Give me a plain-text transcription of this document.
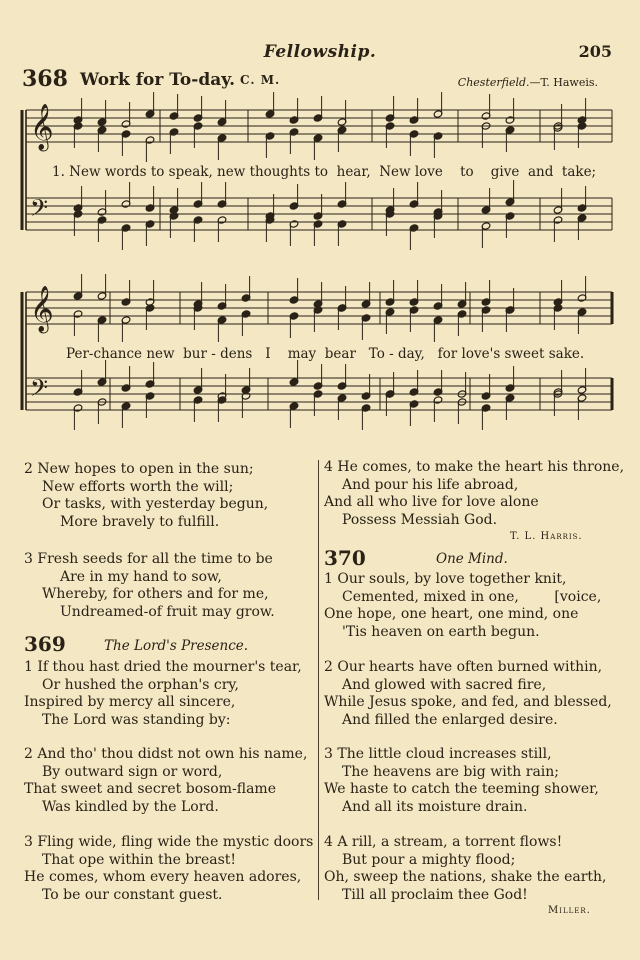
Fellowship.	205
368 Work for To-day. C. M.	Chesterfield.—T. Haweis.
𝄞
𝄢
𝄞
𝄢
1. New words to speak, new thoughts to  hear,  New love    to    give  and  take;
Per-chance new  bur - dens   I    may  bear   To - day,   for love's sweet sake.
2 New hopes to open in the sun;
New efforts worth the will;
Or tasks, with yesterday begun,
More bravely to fulfill.
3 Fresh seeds for all the time to be
Are in my hand to sow,
Whereby, for others and for me,
Undreamed-of fruit may grow.
369	The Lord's Presence.
1 If thou hast dried the mourner's tear,
Or hushed the orphan's cry,
Inspired by mercy all sincere,
The Lord was standing by:
2 And tho' thou didst not own his name,
By outward sign or word,
That sweet and secret bosom-flame
Was kindled by the Lord.
3 Fling wide, fling wide the mystic doors
That ope within the breast!
He comes, whom every heaven adores,
To be our constant guest.
4 He comes, to make the heart his throne,
And pour his life abroad,
And all who live for love alone
Possess Messiah God.
T. L. Harris.
370	One Mind.
1 Our souls, by love together knit,
Cemented, mixed in one,        [voice,
One hope, one heart, one mind, one
'Tis heaven on earth begun.
2 Our hearts have often burned within,
And glowed with sacred fire,
While Jesus spoke, and fed, and blessed,
And filled the enlarged desire.
3 The little cloud increases still,
The heavens are big with rain;
We haste to catch the teeming shower,
And all its moisture drain.
4 A rill, a stream, a torrent flows!
But pour a mighty flood;
Oh, sweep the nations, shake the earth,
Till all proclaim thee God!
Miller.
